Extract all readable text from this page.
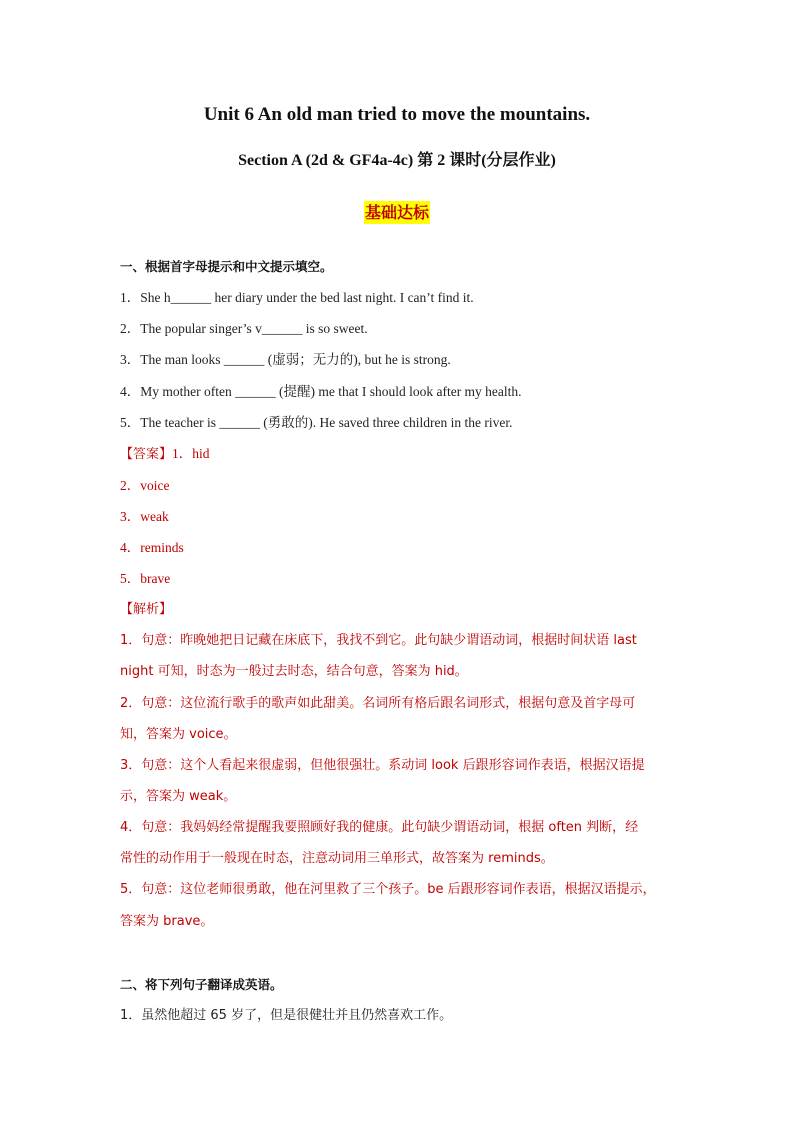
Unit 6 An old man tried to move the mountains.
Section A (2d & GF4a-4c) 第 2 课时(分层作业)
基础达标
一、根据首字母提示和中文提示填空。
1．She h______ her diary under the bed last night. I can’t find it.
2．The popular singer’s v______ is so sweet.
3．The man looks ______ (虚弱；无力的), but he is strong.
4．My mother often ______ (提醒) me that I should look after my health.
5．The teacher is ______ (勇敢的). He saved three children in the river.
【答案】1．hid
2．voice
3．weak
4．reminds
5．brave
【解析】
1．句意：昨晚她把日记藏在床底下，我找不到它。此句缺少谓语动词，根据时间状语 last
night 可知，时态为一般过去时态，结合句意，答案为 hid。
2．句意：这位流行歌手的歌声如此甜美。名词所有格后跟名词形式，根据句意及首字母可
知，答案为 voice。
3．句意：这个人看起来很虚弱，但他很强壮。系动词 look 后跟形容词作表语，根据汉语提
示，答案为 weak。
4．句意：我妈妈经常提醒我要照顾好我的健康。此句缺少谓语动词，根据 often 判断，经
常性的动作用于一般现在时态，注意动词用三单形式，故答案为 reminds。
5．句意：这位老师很勇敢，他在河里救了三个孩子。be 后跟形容词作表语，根据汉语提示，
答案为 brave。
二、将下列句子翻译成英语。
1．虽然他超过 65 岁了，但是很健壮并且仍然喜欢工作。
